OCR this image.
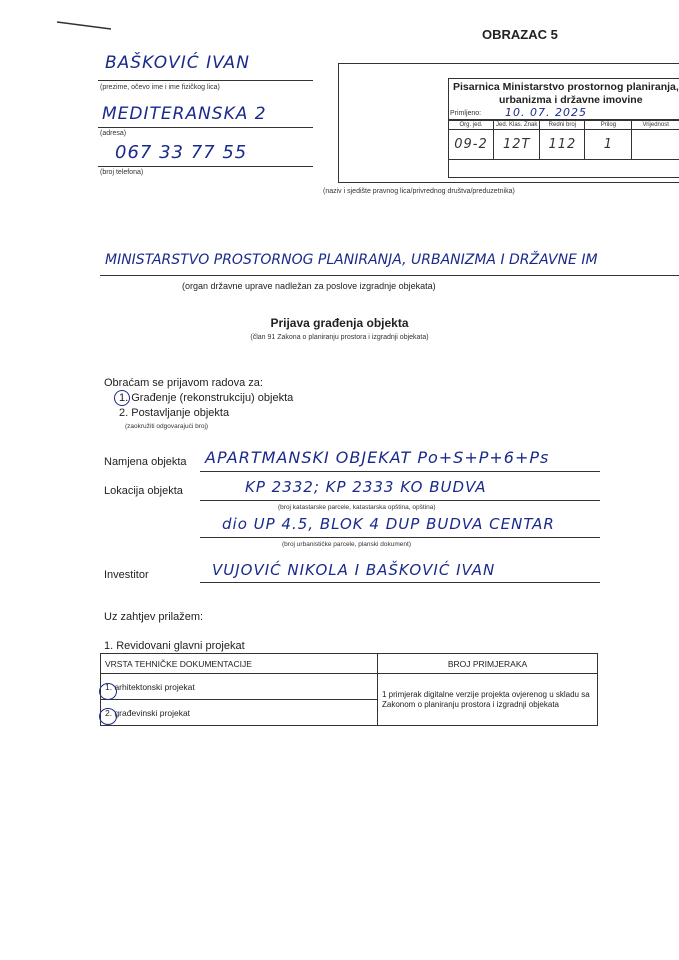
OBRAZAC 5
BAŠKOVIĆ IVAN
(prezime, očevo ime i ime fizičkog lica)
MEDITERANSKA 2
(adresa)
067 33 77 55
(broj telefona)
(naziv i sjedište pravnog lica/privrednog društva/preduzetnika)
Pisarnica Ministarstvo prostornog planiranja,
urbanizma i državne imovine
Primljeno: 10. 07. 2025
Org. jed.	Jed. Klas. Znak	Redni broj	Prilog	Vrijednost
09-2	12T	112	1	
MINISTARSTVO PROSTORNOG PLANIRANJA, URBANIZMA I DRŽAVNE IM
(organ državne uprave nadležan za poslove izgradnje objekata)
Prijava građenja objekta
(član 91 Zakona o planiranju prostora i izgradnji objekata)
Obraćam se prijavom radova za:
1. Građenje (rekonstrukciju) objekta
2. Postavljanje objekta
(zaokružiti odgovarajući broj)
Namjena objekta APARTMANSKI OBJEKAT Po+S+P+6+Ps
Lokacija objekta	KP 2332; KP 2333 KO BUDVA
(broj katastarske parcele, katastarska opština, opština)
dio UP 4.5, BLOK 4 DUP BUDVA CENTAR
(broj urbanističke parcele, planski dokument)
Investitor	VUJOVIĆ NIKOLA I BAŠKOVIĆ IVAN
Uz zahtjev prilažem:
1. Revidovani glavni projekat
VRSTA TEHNIČKE DOKUMENTACIJE	BROJ PRIMJERAKA
1. arhitektonski projekat	1 primjerak digitalne verzije projekta ovjerenog u skladu sa Zakonom o planiranju prostora i izgradnji objekata
2. građevinski projekat	
